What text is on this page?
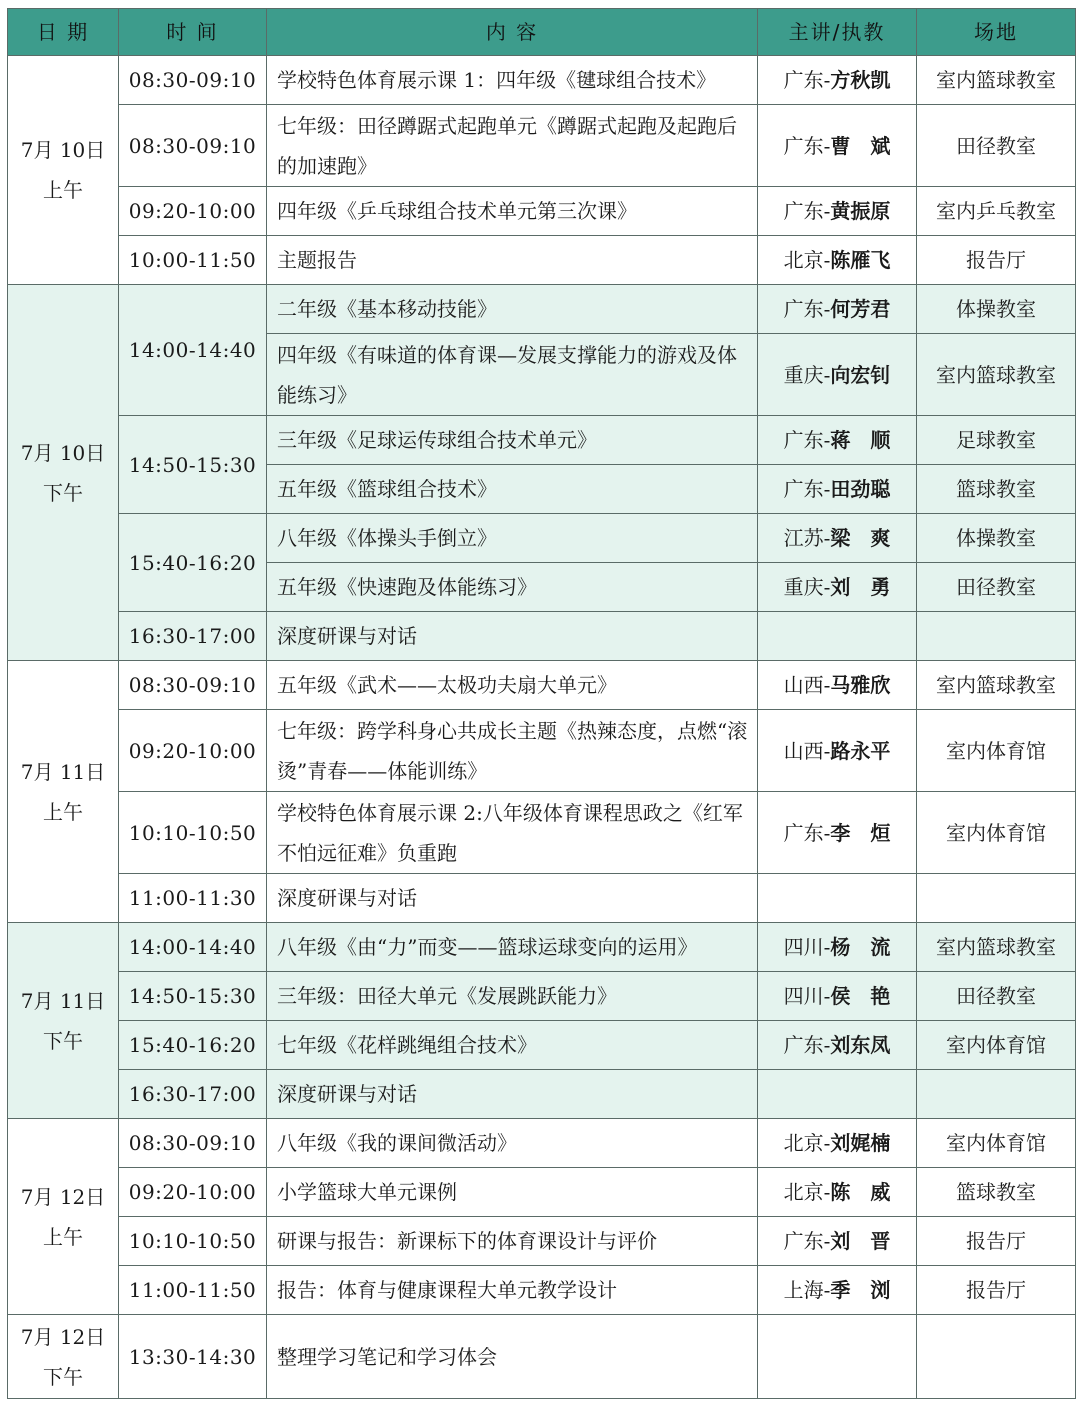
日 期	时 间	内 容	主讲/执教	场地

7月 10日
上午	08:30-09:10	学校特色体育展示课 1：四年级《毽球组合技术》	广东-方秋凯	室内篮球教室
	08:30-09:10	七年级：田径蹲踞式起跑单元《蹲踞式起跑及起跑后的加速跑》	广东-曹　斌	田径教室
	09:20-10:00	四年级《乒乓球组合技术单元第三次课》	广东-黄振原	室内乒乓教室
	10:00-11:50	主题报告	北京-陈雁飞	报告厅

7月 10日
下午	14:00-14:40	二年级《基本移动技能》	广东-何芳君	体操教室
		四年级《有味道的体育课—发展支撑能力的游戏及体能练习》	重庆-向宏钊	室内篮球教室
	14:50-15:30	三年级《足球运传球组合技术单元》	广东-蒋　顺	足球教室
		五年级《篮球组合技术》	广东-田劲聪	篮球教室
	15:40-16:20	八年级《体操头手倒立》	江苏-梁　爽	体操教室
		五年级《快速跑及体能练习》	重庆-刘　勇	田径教室
	16:30-17:00	深度研课与对话		

7月 11日
上午	08:30-09:10	五年级《武术——太极功夫扇大单元》	山西-马雅欣	室内篮球教室
	09:20-10:00	七年级：跨学科身心共成长主题《热辣态度，点燃“滚烫”青春——体能训练》	山西-路永平	室内体育馆
	10:10-10:50	学校特色体育展示课 2:八年级体育课程思政之《红军不怕远征难》负重跑	广东-李　烜	室内体育馆
	11:00-11:30	深度研课与对话		

7月 11日
下午	14:00-14:40	八年级《由“力”而变——篮球运球变向的运用》	四川-杨　流	室内篮球教室
	14:50-15:30	三年级：田径大单元《发展跳跃能力》	四川-侯　艳	田径教室
	15:40-16:20	七年级《花样跳绳组合技术》	广东-刘东凤	室内体育馆
	16:30-17:00	深度研课与对话		

7月 12日
上午	08:30-09:10	八年级《我的课间微活动》	北京-刘娓楠	室内体育馆
	09:20-10:00	小学篮球大单元课例	北京-陈　威	篮球教室
	10:10-10:50	研课与报告：新课标下的体育课设计与评价	广东-刘　晋	报告厅
	11:00-11:50	报告：体育与健康课程大单元教学设计	上海-季　浏	报告厅

7月 12日
下午	13:30-14:30	整理学习笔记和学习体会		
